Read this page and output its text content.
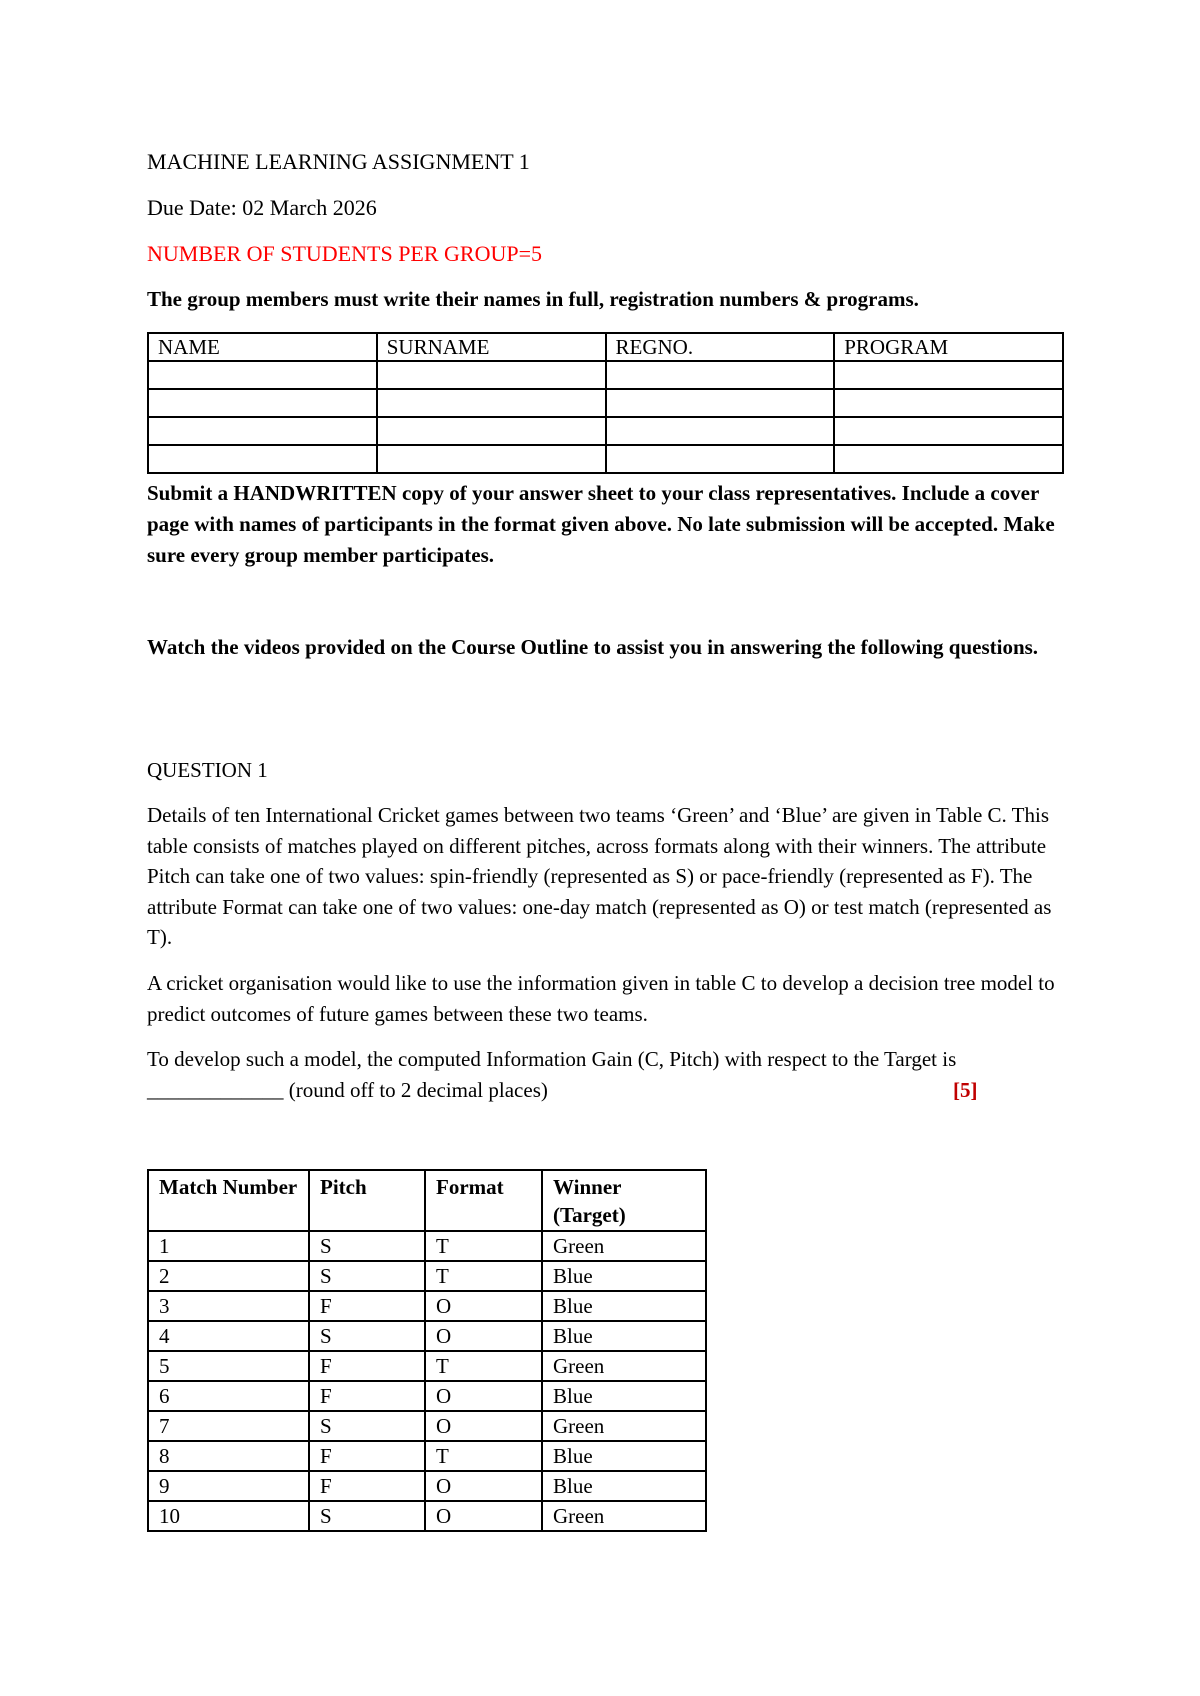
MACHINE LEARNING ASSIGNMENT 1

Due Date: 02 March 2026

NUMBER OF STUDENTS PER GROUP=5

The group members must write their names in full, registration numbers & programs.

NAME	SURNAME	REGNO.	PROGRAM

Submit a HANDWRITTEN copy of your answer sheet to your class representatives. Include a cover page with names of participants in the format given above. No late submission will be accepted. Make sure every group member participates.

Watch the videos provided on the Course Outline to assist you in answering the following questions.

QUESTION 1

Details of ten International Cricket games between two teams ‘Green’ and ‘Blue’ are given in Table C. This table consists of matches played on different pitches, across formats along with their winners. The attribute Pitch can take one of two values: spin-friendly (represented as S) or pace-friendly (represented as F). The attribute Format can take one of two values: one-day match (represented as O) or test match (represented as T).

A cricket organisation would like to use the information given in table C to develop a decision tree model to predict outcomes of future games between these two teams.

To develop such a model, the computed Information Gain (C, Pitch) with respect to the Target is _____________ (round off to 2 decimal places)	[5]
Match Number	Pitch	Format	Winner (Target)
1	S	T	Green
2	S	T	Blue
3	F	O	Blue
4	S	O	Blue
5	F	T	Green
6	F	O	Blue
7	S	O	Green
8	F	T	Blue
9	F	O	Blue
10	S	O	Green
